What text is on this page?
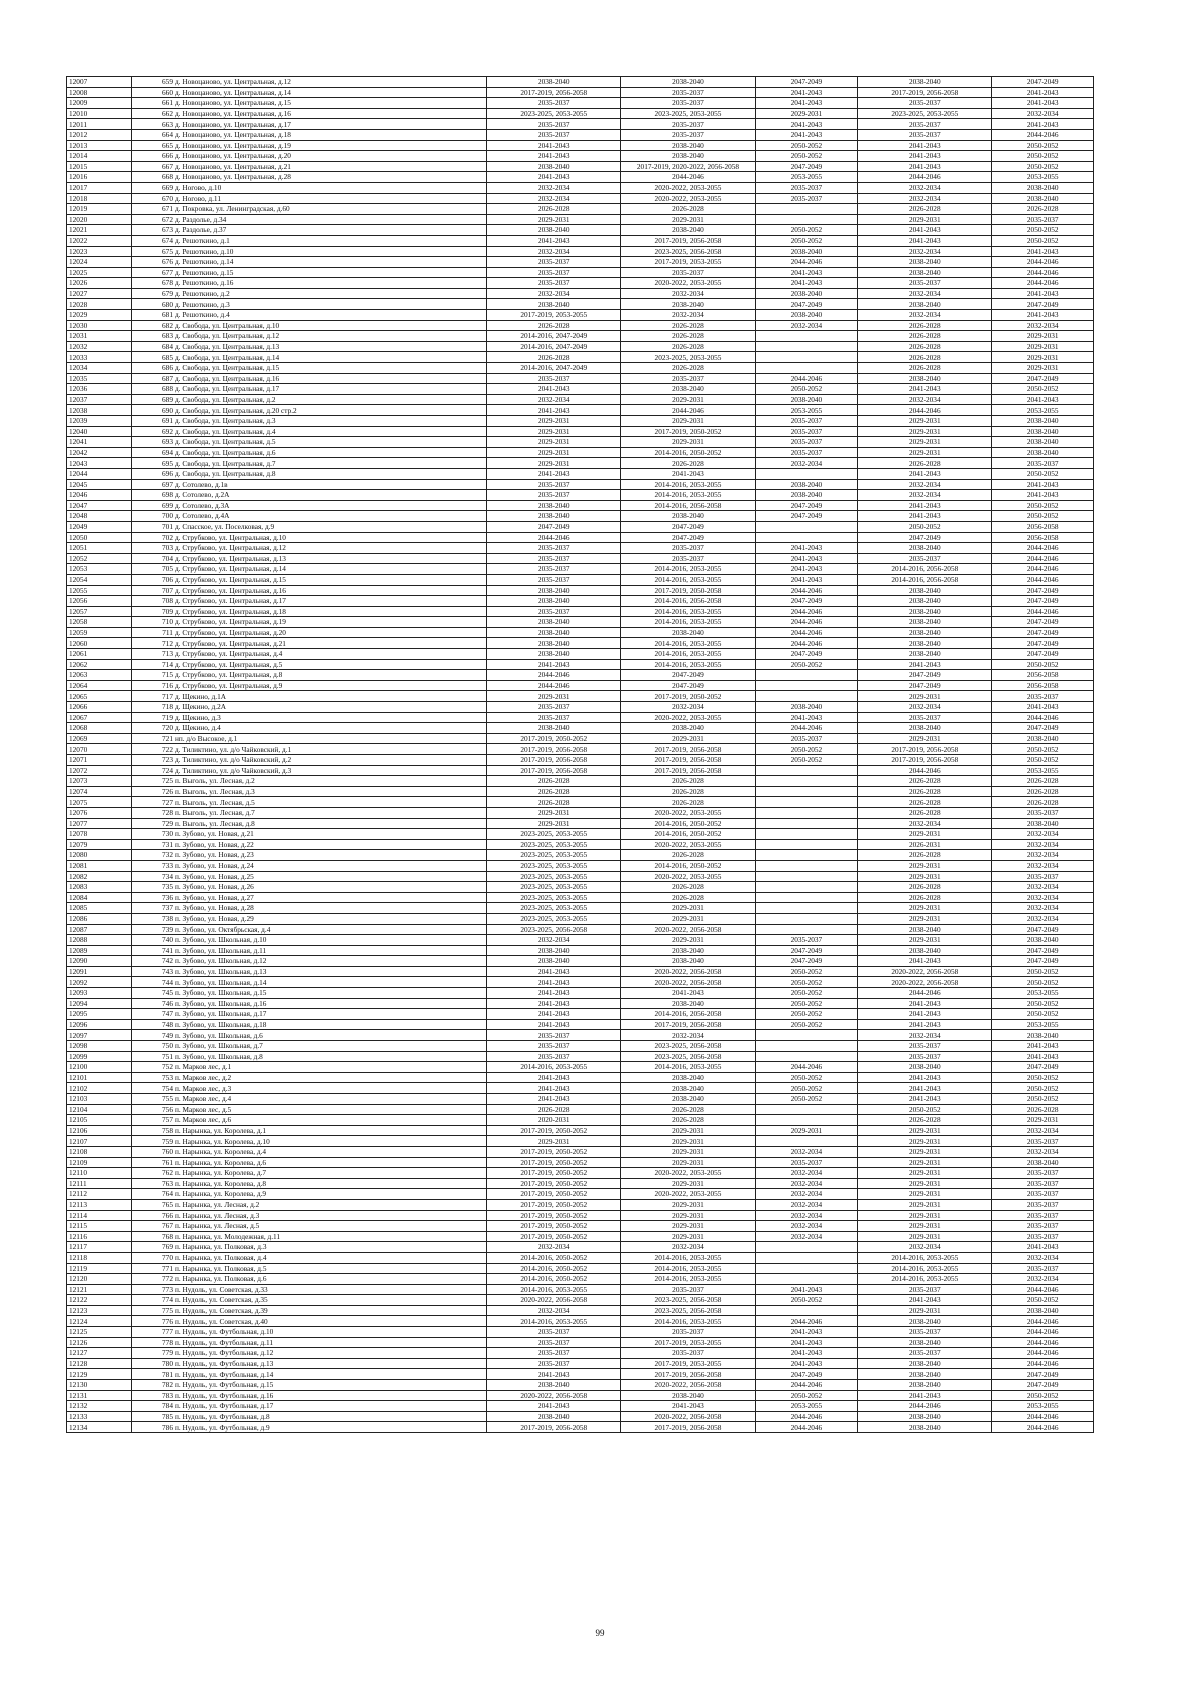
12007		659	д. Новоцаново, ул. Центральная, д.12	2038-2040	2038-2040	2047-2049	2038-2040	2047-2049
12008		660	д. Новоцаново, ул. Центральная, д.14	2017-2019, 2056-2058	2035-2037	2041-2043	2017-2019, 2056-2058	2041-2043
12009		661	д. Новоцаново, ул. Центральная, д.15	2035-2037	2035-2037	2041-2043	2035-2037	2041-2043
12010		662	д. Новоцаново, ул. Центральная, д.16	2023-2025, 2053-2055	2023-2025, 2053-2055	2029-2031	2023-2025, 2053-2055	2032-2034
12011		663	д. Новоцаново, ул. Центральная, д.17	2035-2037	2035-2037	2041-2043	2035-2037	2041-2043
12012		664	д. Новоцаново, ул. Центральная, д.18	2035-2037	2035-2037	2041-2043	2035-2037	2044-2046
12013		665	д. Новоцаново, ул. Центральная, д.19	2041-2043	2038-2040	2050-2052	2041-2043	2050-2052
12014		666	д. Новоцаново, ул. Центральная, д.20	2041-2043	2038-2040	2050-2052	2041-2043	2050-2052
12015		667	д. Новоцаново, ул. Центральная, д.21	2038-2040	2017-2019, 2020-2022, 2056-2058	2047-2049	2041-2043	2050-2052
12016		668	д. Новоцаново, ул. Центральная, д.28	2041-2043	2044-2046	2053-2055	2044-2046	2053-2055
12017		669	д. Ногово, д.10	2032-2034	2020-2022, 2053-2055	2035-2037	2032-2034	2038-2040
12018		670	д. Ногово, д.11	2032-2034	2020-2022, 2053-2055	2035-2037	2032-2034	2038-2040
12019		671	д. Покровка, ул. Ленинградская, д.60	2026-2028	2026-2028		2026-2028	2026-2028
12020		672	д. Раздолье, д.34	2029-2031	2029-2031		2029-2031	2035-2037
12021		673	д. Раздолье, д.37	2038-2040	2038-2040	2050-2052	2041-2043	2050-2052
12022		674	д. Решоткино, д.1	2041-2043	2017-2019, 2056-2058	2050-2052	2041-2043	2050-2052
12023		675	д. Решоткино, д.10	2032-2034	2023-2025, 2056-2058	2038-2040	2032-2034	2041-2043
12024		676	д. Решоткино, д.14	2035-2037	2017-2019, 2053-2055	2044-2046	2038-2040	2044-2046
12025		677	д. Решоткино, д.15	2035-2037	2035-2037	2041-2043	2038-2040	2044-2046
12026		678	д. Решоткино, д.16	2035-2037	2020-2022, 2053-2055	2041-2043	2035-2037	2044-2046
12027		679	д. Решоткино, д.2	2032-2034	2032-2034	2038-2040	2032-2034	2041-2043
12028		680	д. Решоткино, д.3	2038-2040	2038-2040	2047-2049	2038-2040	2047-2049
12029		681	д. Решоткино, д.4	2017-2019, 2053-2055	2032-2034	2038-2040	2032-2034	2041-2043
12030		682	д. Свобода, ул. Центральная, д.10	2026-2028	2026-2028	2032-2034	2026-2028	2032-2034
12031		683	д. Свобода, ул. Центральная, д.12	2014-2016, 2047-2049	2026-2028		2026-2028	2029-2031
12032		684	д. Свобода, ул. Центральная, д.13	2014-2016, 2047-2049	2026-2028		2026-2028	2029-2031
12033		685	д. Свобода, ул. Центральная, д.14	2026-2028	2023-2025, 2053-2055		2026-2028	2029-2031
12034		686	д. Свобода, ул. Центральная, д.15	2014-2016, 2047-2049	2026-2028		2026-2028	2029-2031
12035		687	д. Свобода, ул. Центральная, д.16	2035-2037	2035-2037	2044-2046	2038-2040	2047-2049
12036		688	д. Свобода, ул. Центральная, д.17	2041-2043	2038-2040	2050-2052	2041-2043	2050-2052
12037		689	д. Свобода, ул. Центральная, д.2	2032-2034	2029-2031	2038-2040	2032-2034	2041-2043
12038		690	д. Свобода, ул. Центральная, д.20 стр.2	2041-2043	2044-2046	2053-2055	2044-2046	2053-2055
12039		691	д. Свобода, ул. Центральная, д.3	2029-2031	2029-2031	2035-2037	2029-2031	2038-2040
12040		692	д. Свобода, ул. Центральная, д.4	2029-2031	2017-2019, 2050-2052	2035-2037	2029-2031	2038-2040
12041		693	д. Свобода, ул. Центральная, д.5	2029-2031	2029-2031	2035-2037	2029-2031	2038-2040
12042		694	д. Свобода, ул. Центральная, д.6	2029-2031	2014-2016, 2050-2052	2035-2037	2029-2031	2038-2040
12043		695	д. Свобода, ул. Центральная, д.7	2029-2031	2026-2028	2032-2034	2026-2028	2035-2037
12044		696	д. Свобода, ул. Центральная, д.8	2041-2043	2041-2043		2041-2043	2050-2052
12045		697	д. Сотолево, д.1в	2035-2037	2014-2016, 2053-2055	2038-2040	2032-2034	2041-2043
12046		698	д. Сотолево, д.2А	2035-2037	2014-2016, 2053-2055	2038-2040	2032-2034	2041-2043
12047		699	д. Сотолево, д.3А	2038-2040	2014-2016, 2056-2058	2047-2049	2041-2043	2050-2052
12048		700	д. Сотолево, д.4А	2038-2040	2038-2040	2047-2049	2041-2043	2050-2052
12049		701	д. Спасское, ул. Поселковая, д.9	2047-2049	2047-2049		2050-2052	2056-2058
12050		702	д. Струбково, ул. Центральная, д.10	2044-2046	2047-2049		2047-2049	2056-2058
12051		703	д. Струбково, ул. Центральная, д.12	2035-2037	2035-2037	2041-2043	2038-2040	2044-2046
12052		704	д. Струбково, ул. Центральная, д.13	2035-2037	2035-2037	2041-2043	2035-2037	2044-2046
12053		705	д. Струбково, ул. Центральная, д.14	2035-2037	2014-2016, 2053-2055	2041-2043	2014-2016, 2056-2058	2044-2046
12054		706	д. Струбково, ул. Центральная, д.15	2035-2037	2014-2016, 2053-2055	2041-2043	2014-2016, 2056-2058	2044-2046
12055		707	д. Струбково, ул. Центральная, д.16	2038-2040	2017-2019, 2050-2058	2044-2046	2038-2040	2047-2049
12056		708	д. Струбково, ул. Центральная, д.17	2038-2040	2014-2016, 2056-2058	2047-2049	2038-2040	2047-2049
12057		709	д. Струбково, ул. Центральная, д.18	2035-2037	2014-2016, 2053-2055	2044-2046	2038-2040	2044-2046
12058		710	д. Струбково, ул. Центральная, д.19	2038-2040	2014-2016, 2053-2055	2044-2046	2038-2040	2047-2049
12059		711	д. Струбково, ул. Центральная, д.20	2038-2040	2038-2040	2044-2046	2038-2040	2047-2049
12060		712	д. Струбково, ул. Центральная, д.21	2038-2040	2014-2016, 2053-2055	2044-2046	2038-2040	2047-2049
12061		713	д. Струбково, ул. Центральная, д.4	2038-2040	2014-2016, 2053-2055	2047-2049	2038-2040	2047-2049
12062		714	д. Струбково, ул. Центральная, д.5	2041-2043	2014-2016, 2053-2055	2050-2052	2041-2043	2050-2052
12063		715	д. Струбково, ул. Центральная, д.8	2044-2046	2047-2049		2047-2049	2056-2058
12064		716	д. Струбково, ул. Центральная, д.9	2044-2046	2047-2049		2047-2049	2056-2058
12065		717	д. Щекино, д.1А	2029-2031	2017-2019, 2050-2052		2029-2031	2035-2037
12066		718	д. Щекино, д.2А	2035-2037	2032-2034	2038-2040	2032-2034	2041-2043
12067		719	д. Щекино, д.3	2035-2037	2020-2022, 2053-2055	2041-2043	2035-2037	2044-2046
12068		720	д. Щекино, д.4	2038-2040	2038-2040	2044-2046	2038-2040	2047-2049
12069		721	нп. д/о Высокое, д.1	2017-2019, 2050-2052	2029-2031	2035-2037	2029-2031	2038-2040
12070		722	д. Тиликтино, ул. д/о Чайковский, д.1	2017-2019, 2056-2058	2017-2019, 2056-2058	2050-2052	2017-2019, 2056-2058	2050-2052
12071		723	д. Тиликтино, ул. д/о Чайковский, д.2	2017-2019, 2056-2058	2017-2019, 2056-2058	2050-2052	2017-2019, 2056-2058	2050-2052
12072		724	д. Тиликтино, ул. д/о Чайковский, д.3	2017-2019, 2056-2058	2017-2019, 2056-2058		2044-2046	2053-2055
12073		725	п. Выголь, ул. Лесная, д.2	2026-2028	2026-2028		2026-2028	2026-2028
12074		726	п. Выголь, ул. Лесная, д.3	2026-2028	2026-2028		2026-2028	2026-2028
12075		727	п. Выголь, ул. Лесная, д.5	2026-2028	2026-2028		2026-2028	2026-2028
12076		728	п. Выголь, ул. Лесная, д.7	2029-2031	2020-2022, 2053-2055		2026-2028	2035-2037
12077		729	п. Выголь, ул. Лесная, д.8	2029-2031	2014-2016, 2050-2052		2032-2034	2038-2040
12078		730	п. Зубово, ул. Новая, д.21	2023-2025, 2053-2055	2014-2016, 2050-2052		2029-2031	2032-2034
12079		731	п. Зубово, ул. Новая, д.22	2023-2025, 2053-2055	2020-2022, 2053-2055		2026-2031	2032-2034
12080		732	п. Зубово, ул. Новая, д.23	2023-2025, 2053-2055	2026-2028		2026-2028	2032-2034
12081		733	п. Зубово, ул. Новая, д.24	2023-2025, 2053-2055	2014-2016, 2050-2052		2029-2031	2032-2034
12082		734	п. Зубово, ул. Новая, д.25	2023-2025, 2053-2055	2020-2022, 2053-2055		2029-2031	2035-2037
12083		735	п. Зубово, ул. Новая, д.26	2023-2025, 2053-2055	2026-2028		2026-2028	2032-2034
12084		736	п. Зубово, ул. Новая, д.27	2023-2025, 2053-2055	2026-2028		2026-2028	2032-2034
12085		737	п. Зубово, ул. Новая, д.28	2023-2025, 2053-2055	2029-2031		2029-2031	2032-2034
12086		738	п. Зубово, ул. Новая, д.29	2023-2025, 2053-2055	2029-2031		2029-2031	2032-2034
12087		739	п. Зубово, ул. Октябрьская, д.4	2023-2025, 2056-2058	2020-2022, 2056-2058		2038-2040	2047-2049
12088		740	п. Зубово, ул. Школьная, д.10	2032-2034	2029-2031	2035-2037	2029-2031	2038-2040
12089		741	п. Зубово, ул. Школьная, д.11	2038-2040	2038-2040	2047-2049	2038-2040	2047-2049
12090		742	п. Зубово, ул. Школьная, д.12	2038-2040	2038-2040	2047-2049	2041-2043	2047-2049
12091		743	п. Зубово, ул. Школьная, д.13	2041-2043	2020-2022, 2056-2058	2050-2052	2020-2022, 2056-2058	2050-2052
12092		744	п. Зубово, ул. Школьная, д.14	2041-2043	2020-2022, 2056-2058	2050-2052	2020-2022, 2056-2058	2050-2052
12093		745	п. Зубово, ул. Школьная, д.15	2041-2043	2041-2043	2050-2052	2044-2046	2053-2055
12094		746	п. Зубово, ул. Школьная, д.16	2041-2043	2038-2040	2050-2052	2041-2043	2050-2052
12095		747	п. Зубово, ул. Школьная, д.17	2041-2043	2014-2016, 2056-2058	2050-2052	2041-2043	2050-2052
12096		748	п. Зубово, ул. Школьная, д.18	2041-2043	2017-2019, 2056-2058	2050-2052	2041-2043	2053-2055
12097		749	п. Зубово, ул. Школьная, д.6	2035-2037	2032-2034		2032-2034	2038-2040
12098		750	п. Зубово, ул. Школьная, д.7	2035-2037	2023-2025, 2056-2058		2035-2037	2041-2043
12099		751	п. Зубово, ул. Школьная, д.8	2035-2037	2023-2025, 2056-2058		2035-2037	2041-2043
12100		752	п. Марков лес, д.1	2014-2016, 2053-2055	2014-2016, 2053-2055	2044-2046	2038-2040	2047-2049
12101		753	п. Марков лес, д.2	2041-2043	2038-2040	2050-2052	2041-2043	2050-2052
12102		754	п. Марков лес, д.3	2041-2043	2038-2040	2050-2052	2041-2043	2050-2052
12103		755	п. Марков лес, д.4	2041-2043	2038-2040	2050-2052	2041-2043	2050-2052
12104		756	п. Марков лес, д.5	2026-2028	2026-2028		2050-2052	2026-2028
12105		757	п. Марков лес, д.6	2020-2031	2026-2028		2026-2028	2029-2031
12106		758	п. Нарынка, ул. Королева, д.1	2017-2019, 2050-2052	2029-2031	2029-2031	2029-2031	2032-2034
12107		759	п. Нарынка, ул. Королева, д.10	2029-2031	2029-2031		2029-2031	2035-2037
12108		760	п. Нарынка, ул. Королева, д.4	2017-2019, 2050-2052	2029-2031	2032-2034	2029-2031	2032-2034
12109		761	п. Нарынка, ул. Королева, д.6	2017-2019, 2050-2052	2029-2031	2035-2037	2029-2031	2038-2040
12110		762	п. Нарынка, ул. Королева, д.7	2017-2019, 2050-2052	2020-2022, 2053-2055	2032-2034	2029-2031	2035-2037
12111		763	п. Нарынка, ул. Королева, д.8	2017-2019, 2050-2052	2029-2031	2032-2034	2029-2031	2035-2037
12112		764	п. Нарынка, ул. Королева, д.9	2017-2019, 2050-2052	2020-2022, 2053-2055	2032-2034	2029-2031	2035-2037
12113		765	п. Нарынка, ул. Лесная, д.2	2017-2019, 2050-2052	2029-2031	2032-2034	2029-2031	2035-2037
12114		766	п. Нарынка, ул. Лесная, д.3	2017-2019, 2050-2052	2029-2031	2032-2034	2029-2031	2035-2037
12115		767	п. Нарынка, ул. Лесная, д.5	2017-2019, 2050-2052	2029-2031	2032-2034	2029-2031	2035-2037
12116		768	п. Нарынка, ул. Молодежная, д.11	2017-2019, 2050-2052	2029-2031	2032-2034	2029-2031	2035-2037
12117		769	п. Нарынка, ул. Полковая, д.3	2032-2034	2032-2034		2032-2034	2041-2043
12118		770	п. Нарынка, ул. Полковая, д.4	2014-2016, 2050-2052	2014-2016, 2053-2055		2014-2016, 2053-2055	2032-2034
12119		771	п. Нарынка, ул. Полковая, д.5	2014-2016, 2050-2052	2014-2016, 2053-2055		2014-2016, 2053-2055	2035-2037
12120		772	п. Нарынка, ул. Полковая, д.6	2014-2016, 2050-2052	2014-2016, 2053-2055		2014-2016, 2053-2055	2032-2034
12121		773	п. Нудоль, ул. Советская, д.33	2014-2016, 2053-2055	2035-2037	2041-2043	2035-2037	2044-2046
12122		774	п. Нудоль, ул. Советская, д.35	2020-2022, 2056-2058	2023-2025, 2056-2058	2050-2052	2041-2043	2050-2052
12123		775	п. Нудоль, ул. Советская, д.39	2032-2034	2023-2025, 2056-2058		2029-2031	2038-2040
12124		776	п. Нудоль, ул. Советская, д.40	2014-2016, 2053-2055	2014-2016, 2053-2055	2044-2046	2038-2040	2044-2046
12125		777	п. Нудоль, ул. Футбольная, д.10	2035-2037	2035-2037	2041-2043	2035-2037	2044-2046
12126		778	п. Нудоль, ул. Футбольная, д.11	2035-2037	2017-2019, 2053-2055	2041-2043	2038-2040	2044-2046
12127		779	п. Нудоль, ул. Футбольная, д.12	2035-2037	2035-2037	2041-2043	2035-2037	2044-2046
12128		780	п. Нудоль, ул. Футбольная, д.13	2035-2037	2017-2019, 2053-2055	2041-2043	2038-2040	2044-2046
12129		781	п. Нудоль, ул. Футбольная, д.14	2041-2043	2017-2019, 2056-2058	2047-2049	2038-2040	2047-2049
12130		782	п. Нудоль, ул. Футбольная, д.15	2038-2040	2020-2022, 2056-2058	2044-2046	2038-2040	2047-2049
12131		783	п. Нудоль, ул. Футбольная, д.16	2020-2022, 2056-2058	2038-2040	2050-2052	2041-2043	2050-2052
12132		784	п. Нудоль, ул. Футбольная, д.17	2041-2043	2041-2043	2053-2055	2044-2046	2053-2055
12133		785	п. Нудоль, ул. Футбольная, д.8	2038-2040	2020-2022, 2056-2058	2044-2046	2038-2040	2044-2046
12134		786	п. Нудоль, ул. Футбольная, д.9	2017-2019, 2056-2058	2017-2019, 2056-2058	2044-2046	2038-2040	2044-2046
99
